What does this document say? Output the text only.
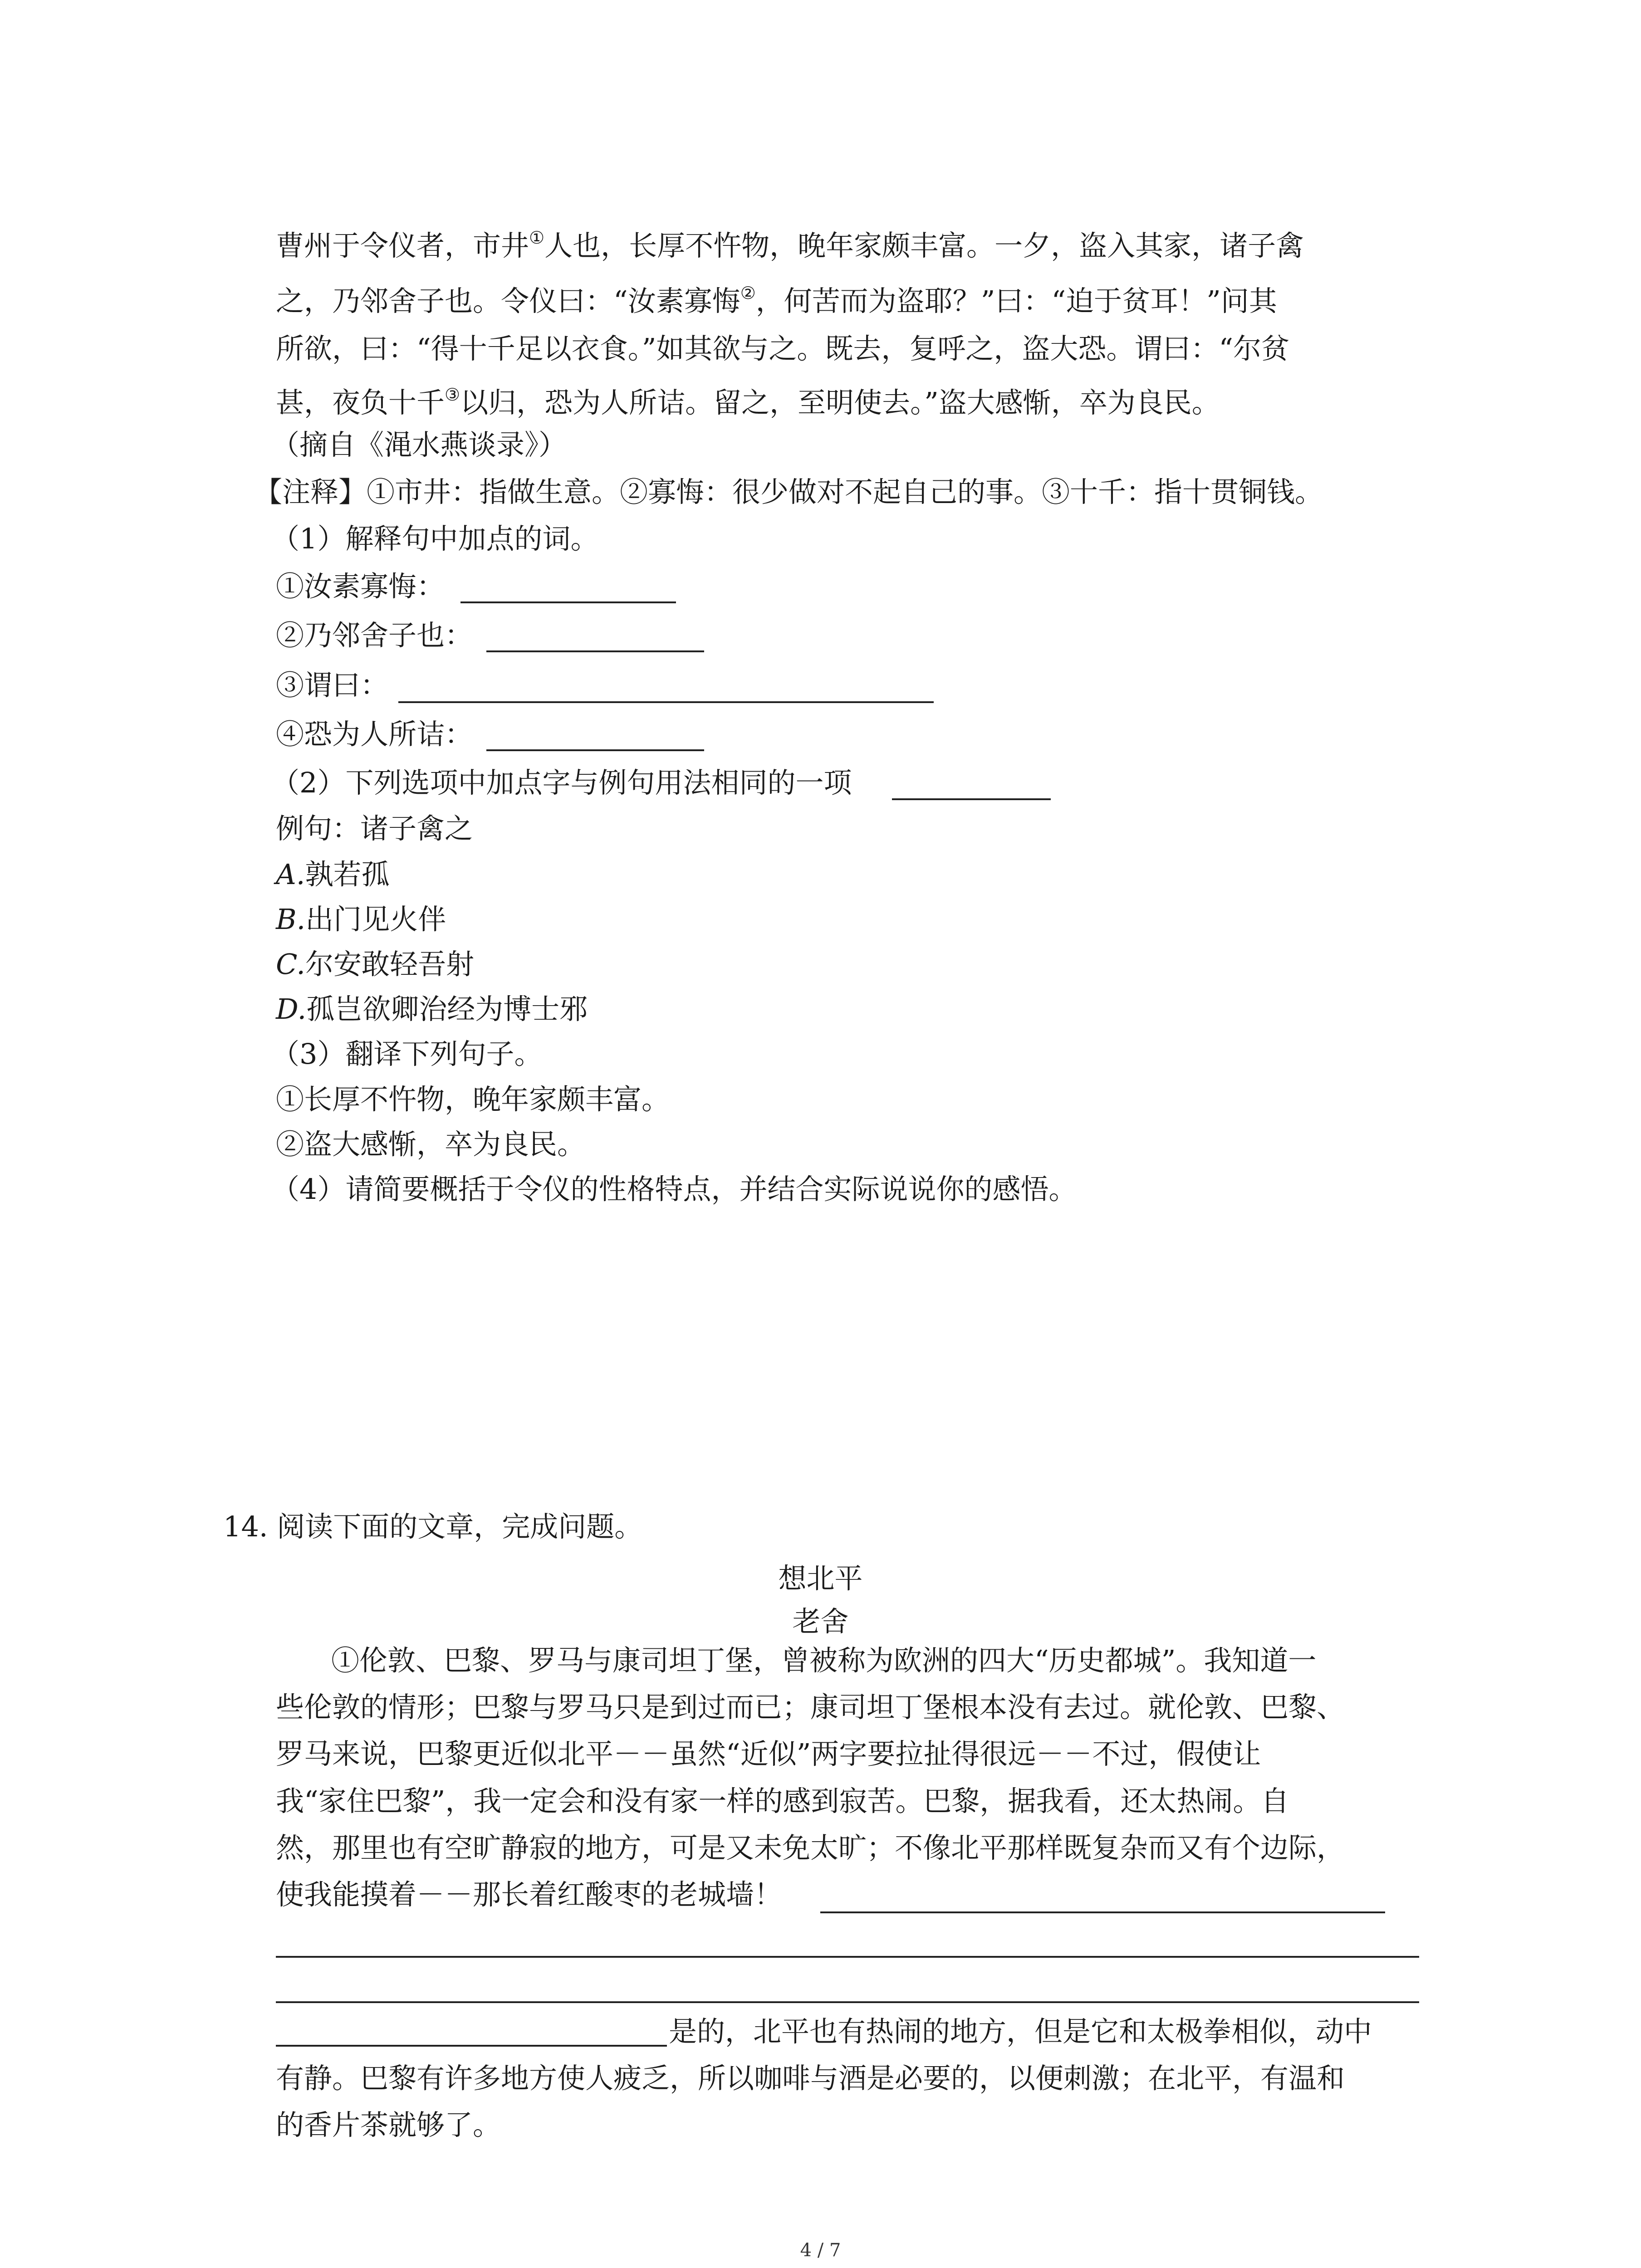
曹州于令仪者，市井①人也，长厚不忤物，晚年家颇丰富。一夕，盗入其家，诸子禽
之，乃邻舍子也。令仪曰：“汝素寡悔②，何苦而为盗耶？”曰：“迫于贫耳！”问其
所欲，曰：“得十千足以衣食。”如其欲与之。既去，复呼之，盗大恐。谓曰：“尔贫
甚，夜负十千③以归，恐为人所诘。留之，至明使去。”盗大感惭，卒为良民。
（摘自《渑水燕谈录》）
【注释】①市井：指做生意。②寡悔：很少做对不起自己的事。③十千：指十贯铜钱。
（1）解释句中加点的词。
①汝素寡悔：
②乃邻舍子也：
③谓曰：
④恐为人所诘：
（2）下列选项中加点字与例句用法相同的一项
例句：诸子禽之
A.孰若孤
B.出门见火伴
C.尔安敢轻吾射
D.孤岂欲卿治经为博士邪
（3）翻译下列句子。
①长厚不忤物，晚年家颇丰富。
②盗大感惭，卒为良民。
（4）请简要概括于令仪的性格特点，并结合实际说说你的感悟。
14. 阅读下面的文章，完成问题。
想北平
老舍
①伦敦、巴黎、罗马与康司坦丁堡，曾被称为欧洲的四大“历史都城”。我知道一
些伦敦的情形；巴黎与罗马只是到过而已；康司坦丁堡根本没有去过。就伦敦、巴黎、
罗马来说，巴黎更近似北平－－虽然“近似”两字要拉扯得很远－－不过，假使让
我“家住巴黎”，我一定会和没有家一样的感到寂苦。巴黎，据我看，还太热闹。自
然，那里也有空旷静寂的地方，可是又未免太旷；不像北平那样既复杂而又有个边际，
使我能摸着－－那长着红酸枣的老城墙！
是的，北平也有热闹的地方，但是它和太极拳相似，动中
有静。巴黎有许多地方使人疲乏，所以咖啡与酒是必要的，以便刺激；在北平，有温和
的香片茶就够了。
4 / 7
